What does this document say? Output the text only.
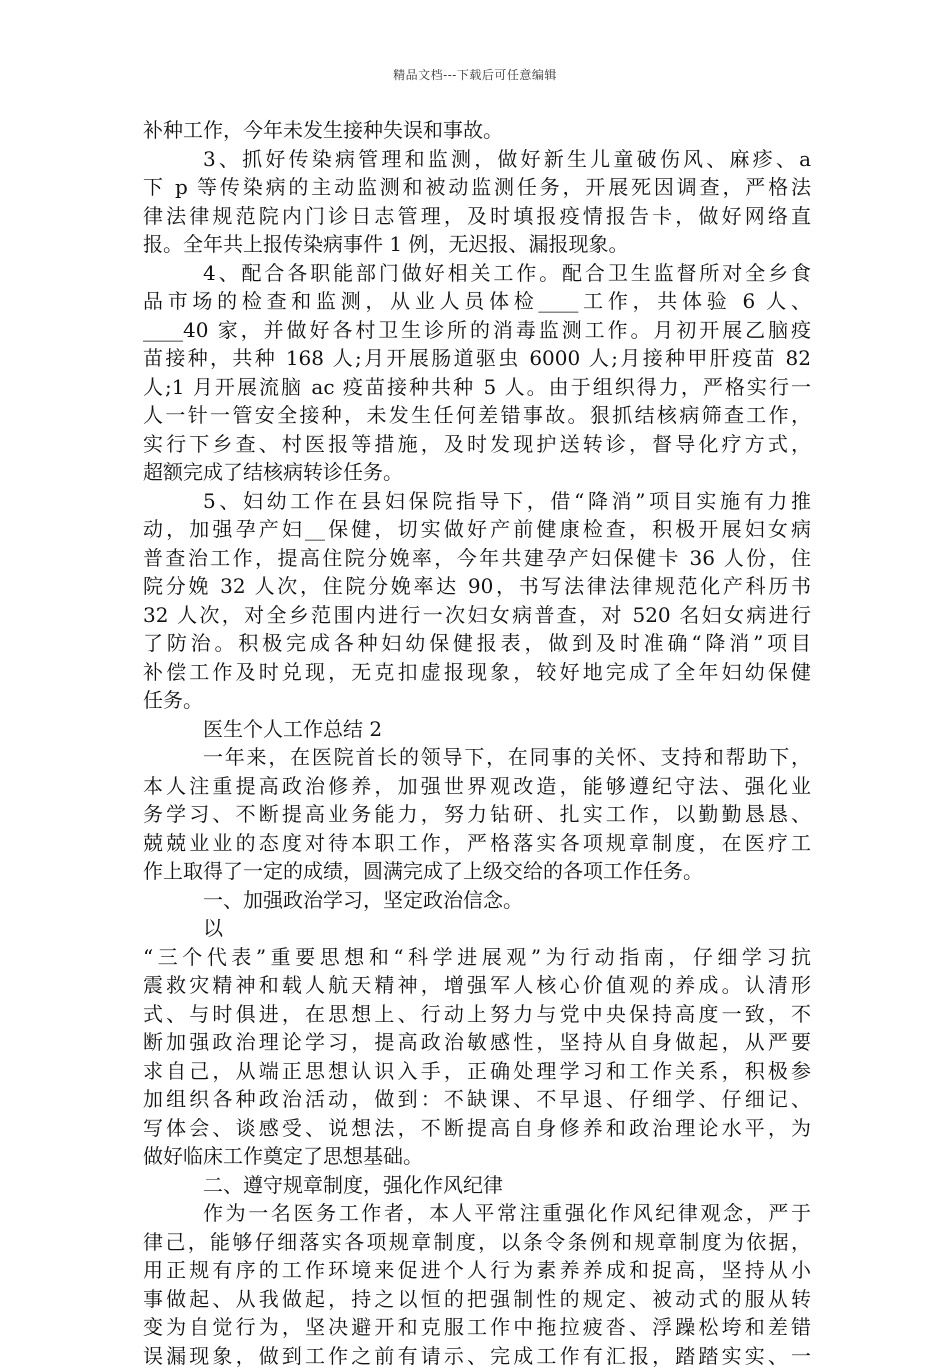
精品文档---下载后可任意编辑
补种工作，今年未发生接种失误和事故。
3、抓好传染病管理和监测，做好新生儿童破伤风、麻疹、a
下 p 等传染病的主动监测和被动监测任务，开展死因调查，严格法
律法律规范院内门诊日志管理，及时填报疫情报告卡，做好网络直
报。全年共上报传染病事件 1 例，无迟报、漏报现象。
4、配合各职能部门做好相关工作。配合卫生监督所对全乡食
品市场的检查和监测，从业人员体检____工作，共体验 6 人、
____40 家，并做好各村卫生诊所的消毒监测工作。月初开展乙脑疫
苗接种，共种 168 人;月开展肠道驱虫 6000 人;月接种甲肝疫苗 82
人;1 月开展流脑 ac 疫苗接种共种 5 人。由于组织得力，严格实行一
人一针一管安全接种，未发生任何差错事故。狠抓结核病筛查工作，
实行下乡查、村医报等措施，及时发现护送转诊，督导化疗方式，
超额完成了结核病转诊任务。
5、妇幼工作在县妇保院指导下，借“降消”项目实施有力推
动，加强孕产妇__保健，切实做好产前健康检查，积极开展妇女病
普查治工作，提高住院分娩率，今年共建孕产妇保健卡 36 人份，住
院分娩 32 人次，住院分娩率达 90，书写法律法律规范化产科历书
32 人次，对全乡范围内进行一次妇女病普查，对 520 名妇女病进行
了防治。积极完成各种妇幼保健报表，做到及时准确“降消”项目
补偿工作及时兑现，无克扣虚报现象，较好地完成了全年妇幼保健
任务。
医生个人工作总结 2
一年来，在医院首长的领导下，在同事的关怀、支持和帮助下，
本人注重提高政治修养，加强世界观改造，能够遵纪守法、强化业
务学习、不断提高业务能力，努力钻研、扎实工作，以勤勤恳恳、
兢兢业业的态度对待本职工作，严格落实各项规章制度，在医疗工
作上取得了一定的成绩，圆满完成了上级交给的各项工作任务。
一、加强政治学习，坚定政治信念。
以
“三个代表”重要思想和“科学进展观”为行动指南，仔细学习抗
震救灾精神和载人航天精神，增强军人核心价值观的养成。认清形
式、与时俱进，在思想上、行动上努力与党中央保持高度一致，不
断加强政治理论学习，提高政治敏感性，坚持从自身做起，从严要
求自己，从端正思想认识入手，正确处理学习和工作关系，积极参
加组织各种政治活动，做到：不缺课、不早退、仔细学、仔细记、
写体会、谈感受、说想法，不断提高自身修养和政治理论水平，为
做好临床工作奠定了思想基础。
二、遵守规章制度，强化作风纪律
作为一名医务工作者，本人平常注重强化作风纪律观念，严于
律己，能够仔细落实各项规章制度，以条令条例和规章制度为依据，
用正规有序的工作环境来促进个人行为素养养成和捉高，坚持从小
事做起、从我做起，持之以恒的把强制性的规定、被动式的服从转
变为自觉行为，坚决避开和克服工作中拖拉疲沓、浮躁松垮和差错
误漏现象，做到工作之前有请示、完成工作有汇报，踏踏实实、一
